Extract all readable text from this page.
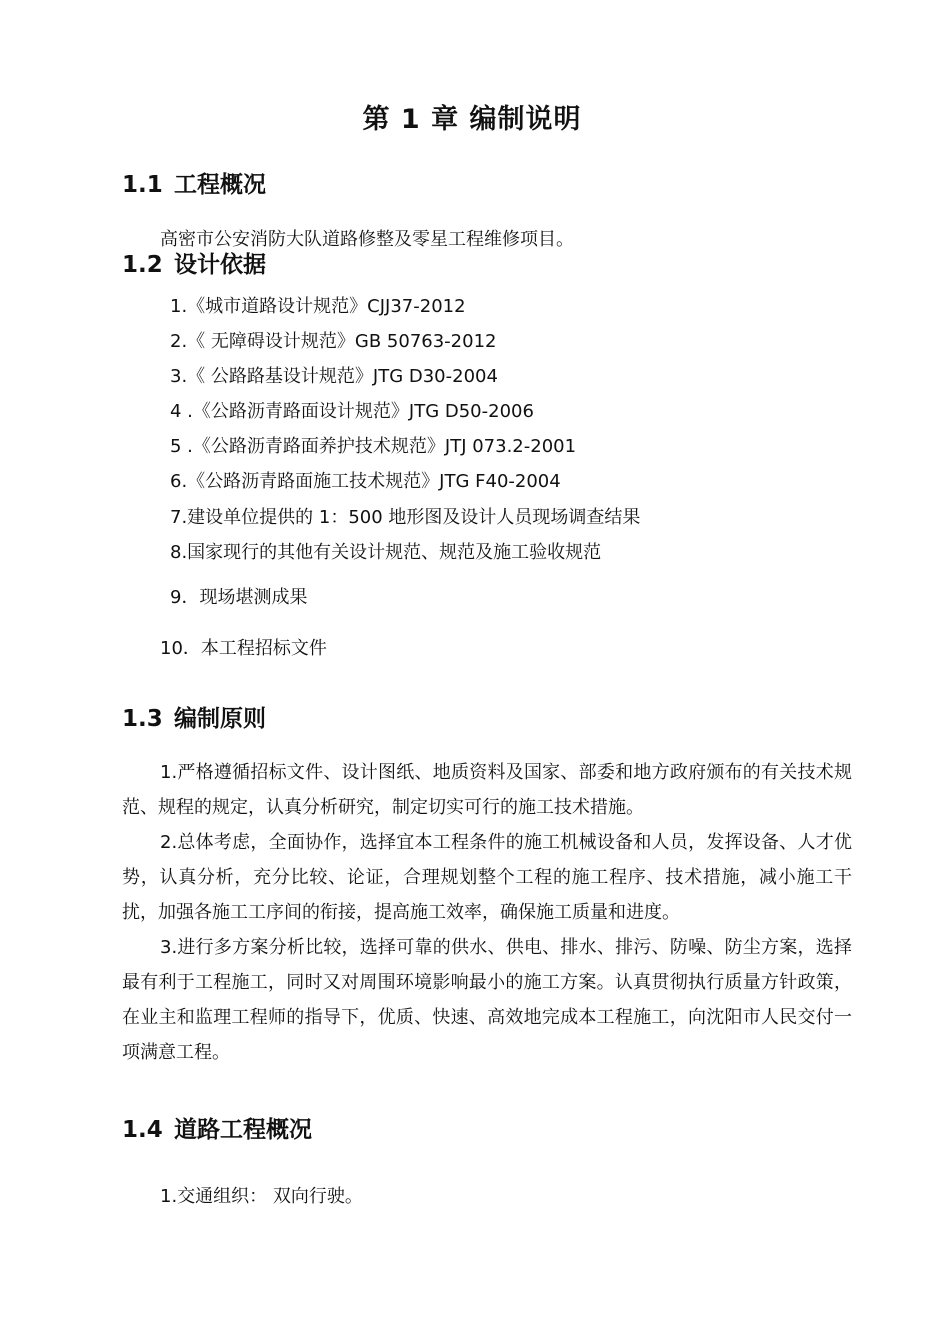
第 1 章 编制说明
1.1 工程概况
高密市公安消防大队道路修整及零星工程维修项目。
1.2 设计依据
1.《城市道路设计规范》CJJ37-2012
2.《 无障碍设计规范》GB 50763-2012
3.《 公路路基设计规范》JTG D30-2004
4 .《公路沥青路面设计规范》JTG D50-2006
5 .《公路沥青路面养护技术规范》JTJ 073.2-2001
6.《公路沥青路面施工技术规范》JTG F40-2004
7.建设单位提供的 1：500 地形图及设计人员现场调查结果
8.国家现行的其他有关设计规范、规范及施工验收规范
9．现场堪测成果
10．本工程招标文件
1.3 编制原则
1.严格遵循招标文件、设计图纸、地质资料及国家、部委和地方政府颁布的有关技术规范、规程的规定，认真分析研究，制定切实可行的施工技术措施。
2.总体考虑，全面协作，选择宜本工程条件的施工机械设备和人员，发挥设备、人才优势，认真分析，充分比较、论证，合理规划整个工程的施工程序、技术措施，减小施工干扰，加强各施工工序间的衔接，提高施工效率，确保施工质量和进度。
3.进行多方案分析比较，选择可靠的供水、供电、排水、排污、防噪、防尘方案，选择最有利于工程施工，同时又对周围环境影响最小的施工方案。认真贯彻执行质量方针政策，在业主和监理工程师的指导下，优质、快速、高效地完成本工程施工，向沈阳市人民交付一项满意工程。
1.4 道路工程概况
1.交通组织： 双向行驶。
